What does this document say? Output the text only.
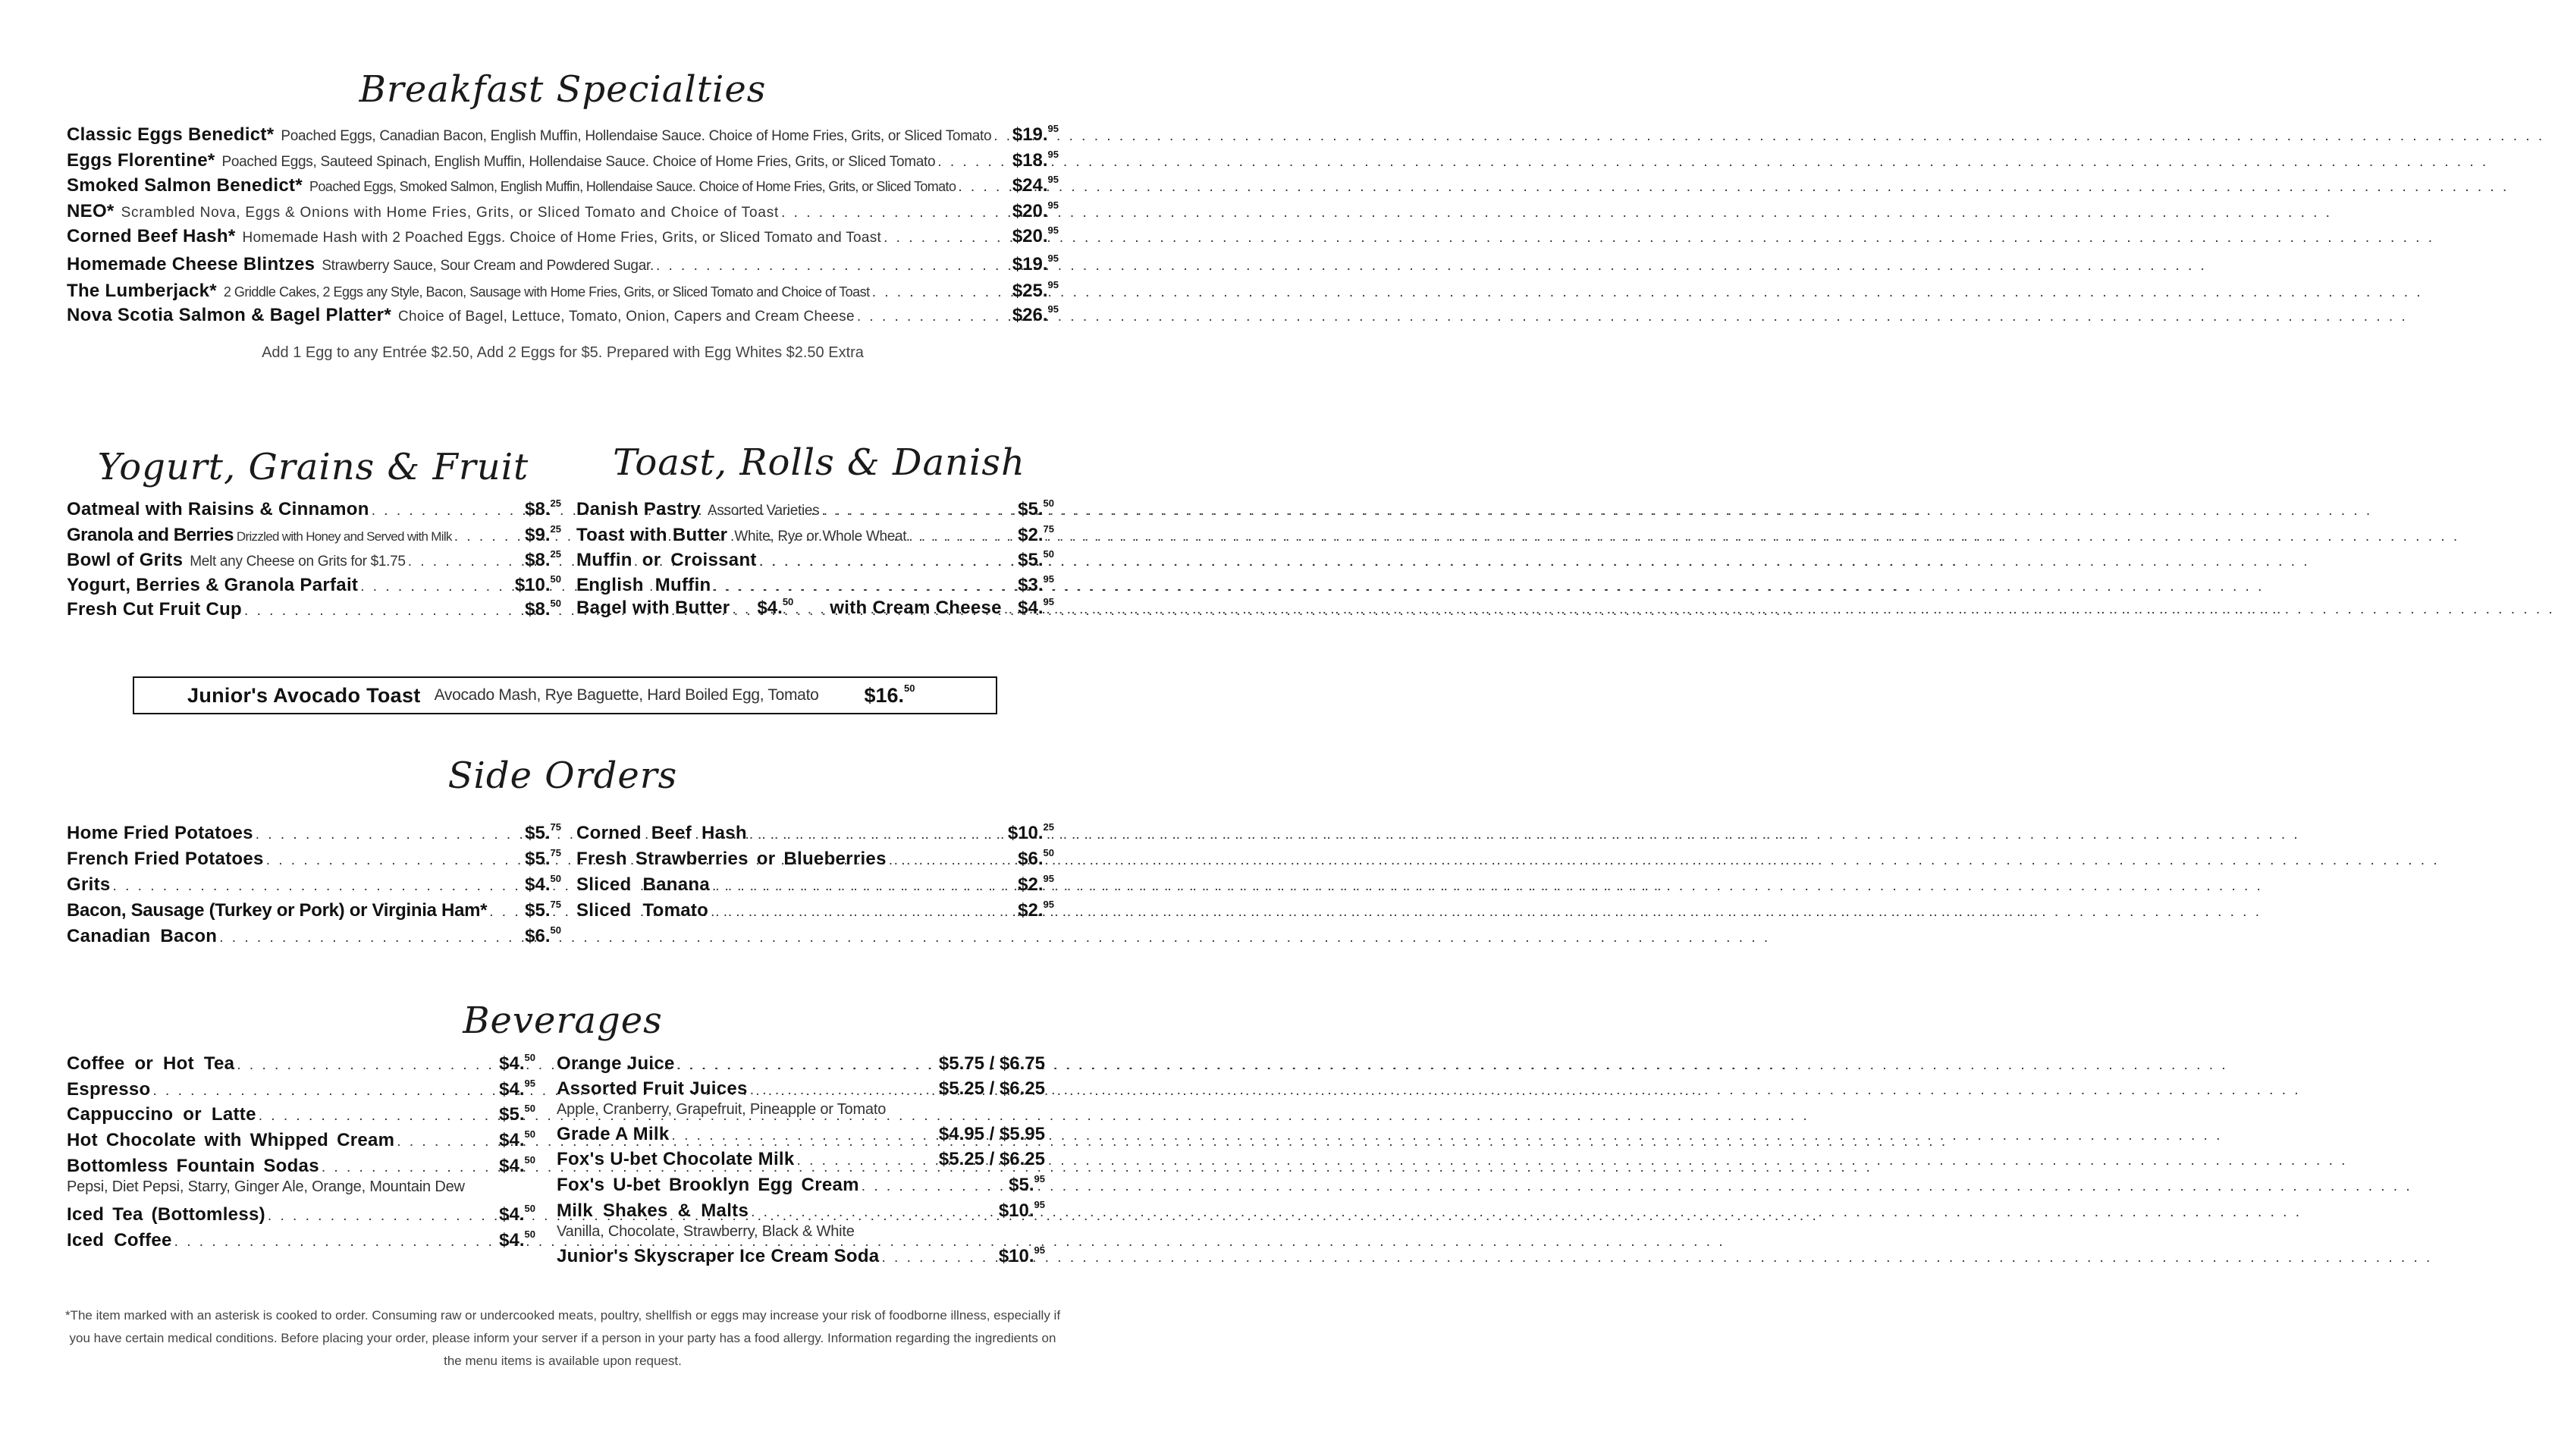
Breakfast Specialties
Classic Eggs Benedict* Poached Eggs, Canadian Bacon, English Muffin, Hollendaise Sauce. Choice of Home Fries, Grits, or Sliced Tomato . . . $19.95
Eggs Florentine* Poached Eggs, Sauteed Spinach, English Muffin, Hollendaise Sauce. Choice of Home Fries, Grits, or Sliced Tomato . . .	$18.95
Smoked Salmon Benedict* Poached Eggs, Smoked Salmon, English Muffin, Hollendaise Sauce. Choice of Home Fries, Grits, or Sliced Tomato . . .	$24.95
NEO* Scrambled Nova, Eggs & Onions with Home Fries, Grits, or Sliced Tomato and Choice of Toast . . .	$20.95
Corned Beef Hash* Homemade Hash with 2 Poached Eggs. Choice of Home Fries, Grits, or Sliced Tomato and Toast . . .	$20.95
Homemade Cheese Blintzes Strawberry Sauce, Sour Cream and Powdered Sugar. . . .	$19.95
The Lumberjack* 2 Griddle Cakes, 2 Eggs any Style, Bacon, Sausage with Home Fries, Grits, or Sliced Tomato and Choice of Toast . . .	$25.95
Nova Scotia Salmon & Bagel Platter* Choice of Bagel, Lettuce, Tomato, Onion, Capers and Cream Cheese . . .	$26.95
Add 1 Egg to any Entrée $2.50, Add 2 Eggs for $5. Prepared with Egg Whites $2.50 Extra
Yogurt, Grains & Fruit	Toast, Rolls & Danish
Oatmeal with Raisins & Cinnamon . . .	$8.25
Granola and Berries Drizzled with Honey and Served with Milk . . .	$9.25
Bowl of Grits Melt any Cheese on Grits for $1.75 . . .	$8.25
Yogurt, Berries & Granola Parfait . . .	$10.50
Fresh Cut Fruit Cup . . .	$8.50
Danish Pastry Assorted Varieties . . .	$5.50
Toast with Butter White, Rye or Whole Wheat . . .	$2.75
Muffin or Croissant . . .	$5.50
English Muffin . . .	$3.95
Bagel with Butter . . . $4.50 with Cream Cheese . . . $4.95
Junior's Avocado Toast Avocado Mash, Rye Baguette, Hard Boiled Egg, Tomato $16.50
Side Orders
Home Fried Potatoes . . .	$5.75
French Fried Potatoes . . .	$5.75
Grits . . .	$4.50
Bacon, Sausage (Turkey or Pork) or Virginia Ham* . . . $5.75
Canadian Bacon . . .	$6.50
Corned Beef Hash . . .	$10.25
Fresh Strawberries or Blueberries . . .	$6.50
Sliced Banana . . .	$2.95
Sliced Tomato . . .	$2.95
Beverages
Coffee or Hot Tea . . .	$4.50
Espresso . . .	$4.95
Cappuccino or Latte . . .	$5.50
Hot Chocolate with Whipped Cream . . .	$4.50
Bottomless Fountain Sodas . . .	$4.50
Pepsi, Diet Pepsi, Starry, Ginger Ale, Orange, Mountain Dew
Iced Tea (Bottomless) . . .	$4.50
Iced Coffee . . .	$4.50
Orange Juice . . .	$5.75 / $6.75
Assorted Fruit Juices . . .	$5.25 / $6.25
Apple, Cranberry, Grapefruit, Pineapple or Tomato
Grade A Milk . . .	$4.95 / $5.95
Fox's U-bet Chocolate Milk . . .	$5.25 / $6.25
Fox's U-bet Brooklyn Egg Cream . . .	$5.95
Milk Shakes & Malts . . .	$10.95
Vanilla, Chocolate, Strawberry, Black & White
Junior's Skyscraper Ice Cream Soda . . .	$10.95
*The item marked with an asterisk is cooked to order. Consuming raw or undercooked meats, poultry, shellfish or eggs may increase your risk of foodborne illness, especially if you have certain medical conditions. Before placing your order, please inform your server if a person in your party has a food allergy. Information regarding the ingredients on the menu items is available upon request.
